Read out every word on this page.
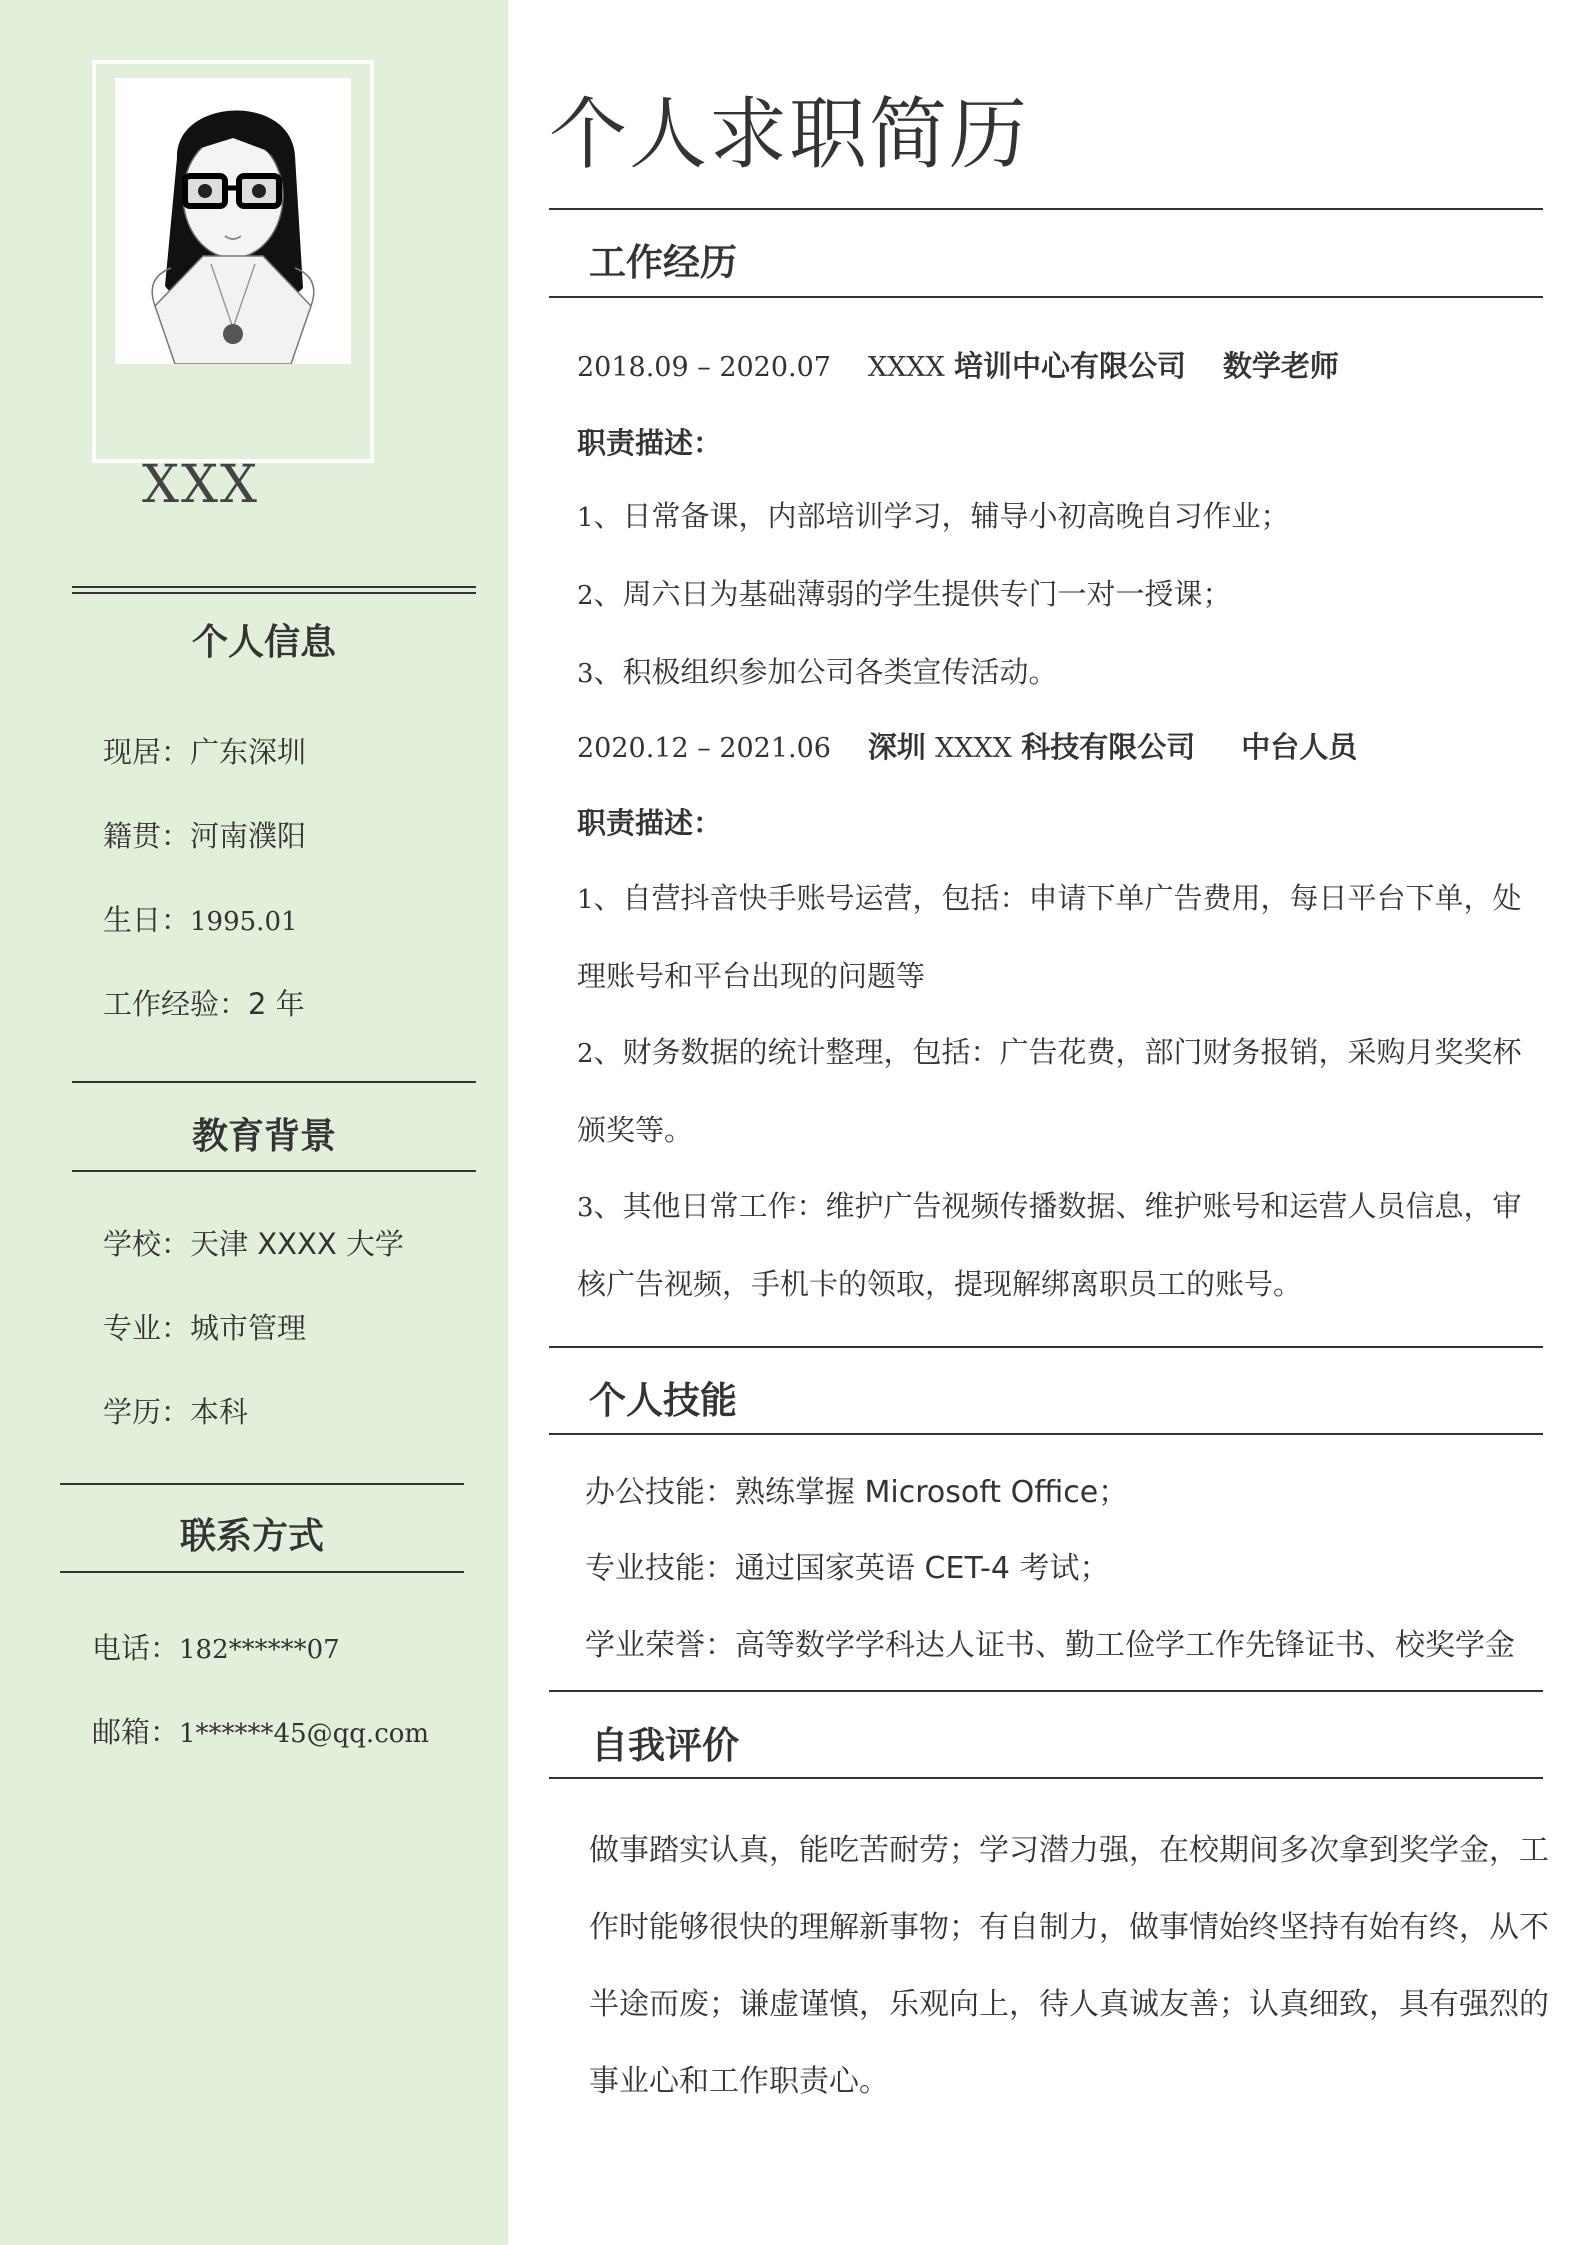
XXX
个人信息
现居：广东深圳
籍贯：河南濮阳
生日：1995.01
工作经验：2 年
教育背景
学校：天津 XXXX 大学
专业：城市管理
学历：本科
联系方式
电话：182******07
邮箱：1******45@qq.com
个人求职简历
工作经历
2018.09 – 2020.07 XXXX 培训中心有限公司 数学老师
职责描述：
1、日常备课，内部培训学习，辅导小初高晚自习作业；
2、周六日为基础薄弱的学生提供专门一对一授课；
3、积极组织参加公司各类宣传活动。
2020.12 – 2021.06 深圳 XXXX 科技有限公司 中台人员
职责描述：
1、自营抖音快手账号运营，包括：申请下单广告费用，每日平台下单，处理账号和平台出现的问题等
2、财务数据的统计整理，包括：广告花费，部门财务报销，采购月奖奖杯颁奖等。
3、其他日常工作：维护广告视频传播数据、维护账号和运营人员信息，审核广告视频，手机卡的领取，提现解绑离职员工的账号。
个人技能
办公技能：熟练掌握 Microsoft Office；
专业技能：通过国家英语 CET-4 考试；
学业荣誉：高等数学学科达人证书、勤工俭学工作先锋证书、校奖学金
自我评价
做事踏实认真，能吃苦耐劳；学习潜力强，在校期间多次拿到奖学金，工作时能够很快的理解新事物；有自制力，做事情始终坚持有始有终，从不半途而废；谦虚谨慎，乐观向上，待人真诚友善；认真细致，具有强烈的事业心和工作职责心。
